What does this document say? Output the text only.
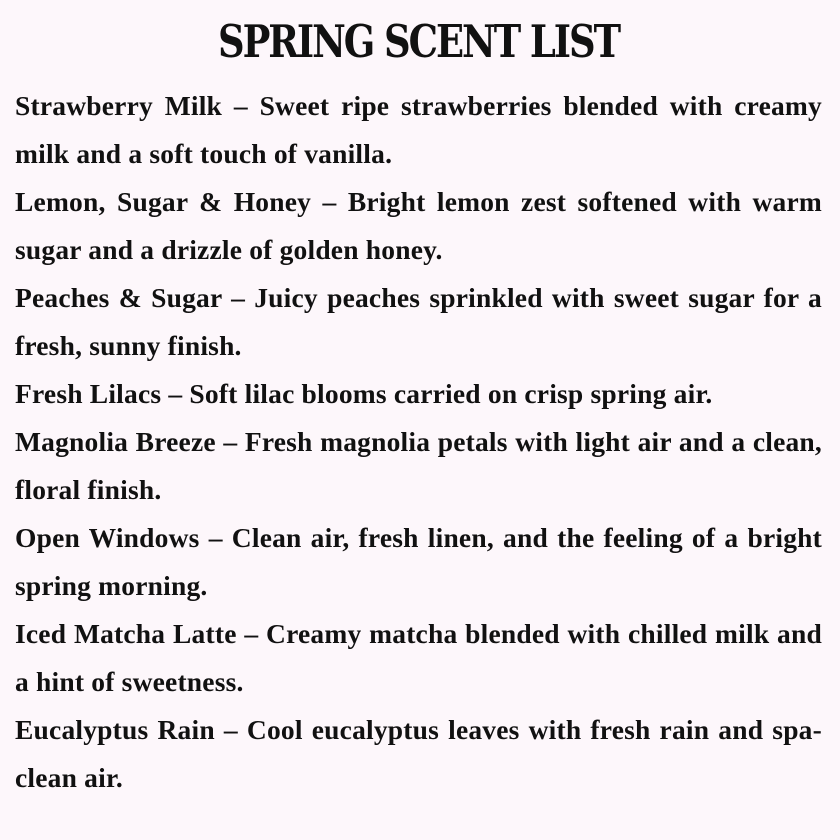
SPRING SCENT LIST
Strawberry Milk – Sweet ripe strawberries blended with creamy milk and a soft touch of vanilla.
Lemon, Sugar & Honey – Bright lemon zest softened with warm sugar and a drizzle of golden honey.
Peaches & Sugar – Juicy peaches sprinkled with sweet sugar for a fresh, sunny finish.
Fresh Lilacs – Soft lilac blooms carried on crisp spring air.
Magnolia Breeze – Fresh magnolia petals with light air and a clean, floral finish.
Open Windows – Clean air, fresh linen, and the feeling of a bright spring morning.
Iced Matcha Latte – Creamy matcha blended with chilled milk and a hint of sweetness.
Eucalyptus Rain – Cool eucalyptus leaves with fresh rain and spa-clean air.
